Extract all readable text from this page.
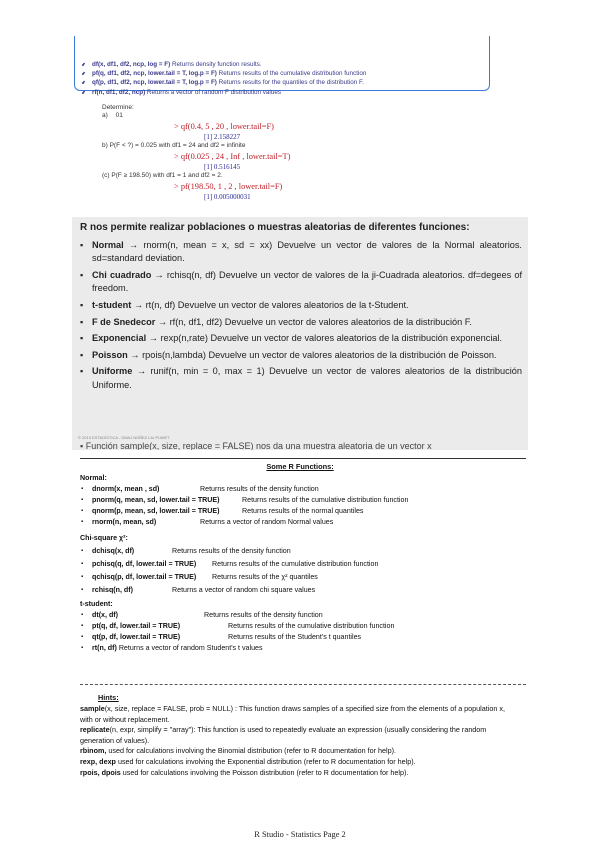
• • df(x, df1, df2, ncp, log = F) Returns density function results.
• • pf(q, df1, df2, ncp, lower.tail = T, log.p = F) Returns results of the cumulative distribution function
• • qf(p, df1, df2, ncp, lower.tail = T, log.p = F) Returns results for the quantiles of the distribution F.
• • rf(n, df1, df2, ncp) Returns a vector of random F distribution values
Determine:
a) 01
> qf(0.4, 5 , 20 , lower.tail=F)
[1] 2.158227
b) P(F < ?) = 0.025 with df1 = 24 and df2 = infinite
> qf(0.025 , 24 , Inf , lower.tail=T)
[1] 0.516145
(c) P(F ≥ 198.50) with df1 = 1 and df2 = 2.
> pf(198.50, 1 , 2 , lower.tail=F)
[1] 0.005000031
R nos permite realizar poblaciones o muestras aleatorias de diferentes funciones:
▪ Normal → rnorm(n, mean = x, sd = xx) Devuelve un vector de valores de la Normal aleatorios. sd=standard deviation.
▪ Chi cuadrado → rchisq(n, df) Devuelve un vector de valores de la ji-Cuadrada aleatorios. df=degees of freedom.
▪ t-student → rt(n, df) Devuelve un vector de valores aleatorios de la t-Student.
▪ F de Snedecor → rf(n, df1, df2) Devuelve un vector de valores aleatorios de la distribución F.
▪ Exponencial → rexp(n,rate) Devuelve un vector de valores aleatorios de la distribución exponencial.
▪ Poisson → rpois(n,lambda) Devuelve un vector de valores aleatorios de la distribución de Poisson.
▪ Uniforme → runif(n, min = 0, max = 1) Devuelve un vector de valores aleatorios de la distribución Uniforme.
© 2013 ESTADÍSTICA - DMAJ NÚÑEZ LIU PUMET
▪ Función sample(x, size, replace = FALSE) nos da una muestra aleatoria de un vector x
Some R Functions:
Normal:
▪ dnorm(x, mean , sd)	Returns results of the density function
▪ pnorm(q, mean, sd, lower.tail = TRUE)	Returns results of the cumulative distribution function
▪ qnorm(p, mean, sd, lower.tail = TRUE)	Returns results of the normal quantiles
▪ rnorm(n, mean, sd)	Returns a vector of random Normal values
Chi-square χ²:
▪ dchisq(x, df)	Returns results of the density function
▪ pchisq(q, df, lower.tail = TRUE) Returns results of the cumulative distribution function
▪ qchisq(p, df, lower.tail = TRUE) Returns results of the χ² quantiles
▪ rchisq(n, df)	Returns a vector of random chi square values
t-student:
▪ dt(x, df)	Returns results of the density function
▪ pt(q, df, lower.tail = TRUE)	Returns results of the cumulative distribution function
▪ qt(p, df, lower.tail = TRUE)	Returns results of the Student's t quantiles
▪ rt(n, df) Returns a vector of random Student's t values
Hints:

sample(x, size, replace = FALSE, prob = NULL) : This function draws samples of a specified size from the elements of a population x, with or without replacement.

replicate(n, expr, simplify = "array"): This function is used to repeatedly evaluate an expression (usually considering the random generation of values).

rbinom, used for calculations involving the Binomial distribution (refer to R documentation for help).

rexp, dexp used for calculations involving the Exponential distribution (refer to R documentation for help).

rpois, dpois used for calculations involving the Poisson distribution (refer to R documentation for help).

R Studio - Statistics Page 2
